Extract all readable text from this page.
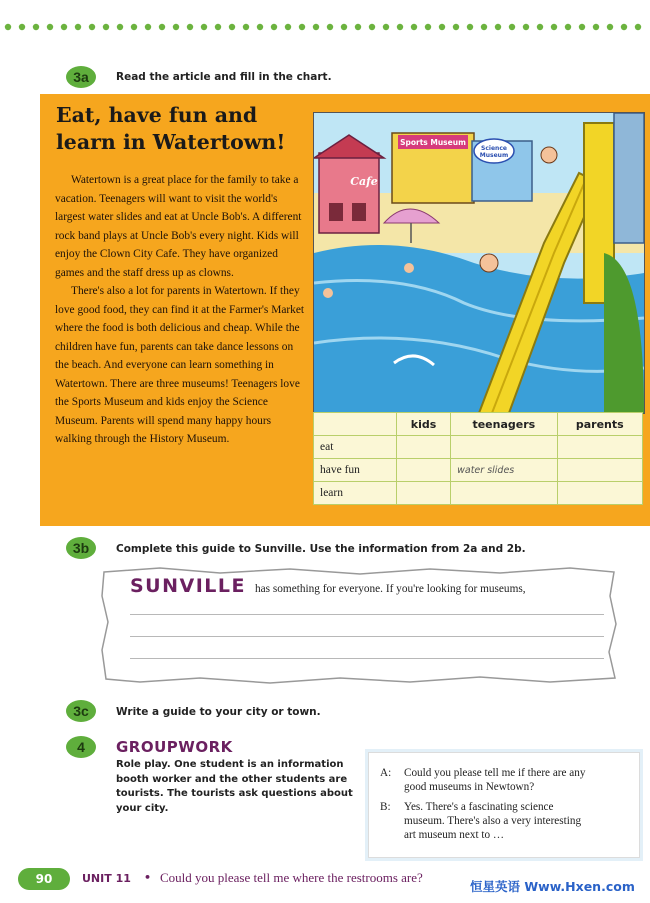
3a	Read the article and fill in the chart.
Eat, have fun and
learn in Watertown!

Watertown is a great place for the family to take a vacation. Teenagers will want to visit the world's largest water slides and eat at Uncle Bob's. A different rock band plays at Uncle Bob's every night. Kids will enjoy the Clown City Cafe. They have organized games and the staff dress up as clowns.

There's also a lot for parents in Watertown. If they love good food, they can find it at the Farmer's Market where the food is both delicious and cheap. While the children have fun, parents can take dance lessons on the beach. And everyone can learn something in Watertown. There are three museums! Teenagers love the Sports Museum and kids enjoy the Science Museum. Parents will spend many happy hours walking through the History Museum.

Sports Museum
Science
Museum
Cafe
	kids	teenagers	parents
eat			
have fun		water slides	
learn			
3b	Complete this guide to Sunville. Use the information from 2a and 2b.
SUNVILLE has something for everyone. If you're looking for museums,
3c	Write a guide to your city or town.
4	GROUPWORK
Role play. One student is an information booth worker and the other students are tourists. The tourists ask questions about your city.
A: Could you please tell me if there are any
good museums in Newtown?
B: Yes. There's a fascinating science
museum. There's also a very interesting
art museum next to …
90	UNIT 11 • Could you please tell me where the restrooms are?
恒星英语 Www.Hxen.com
